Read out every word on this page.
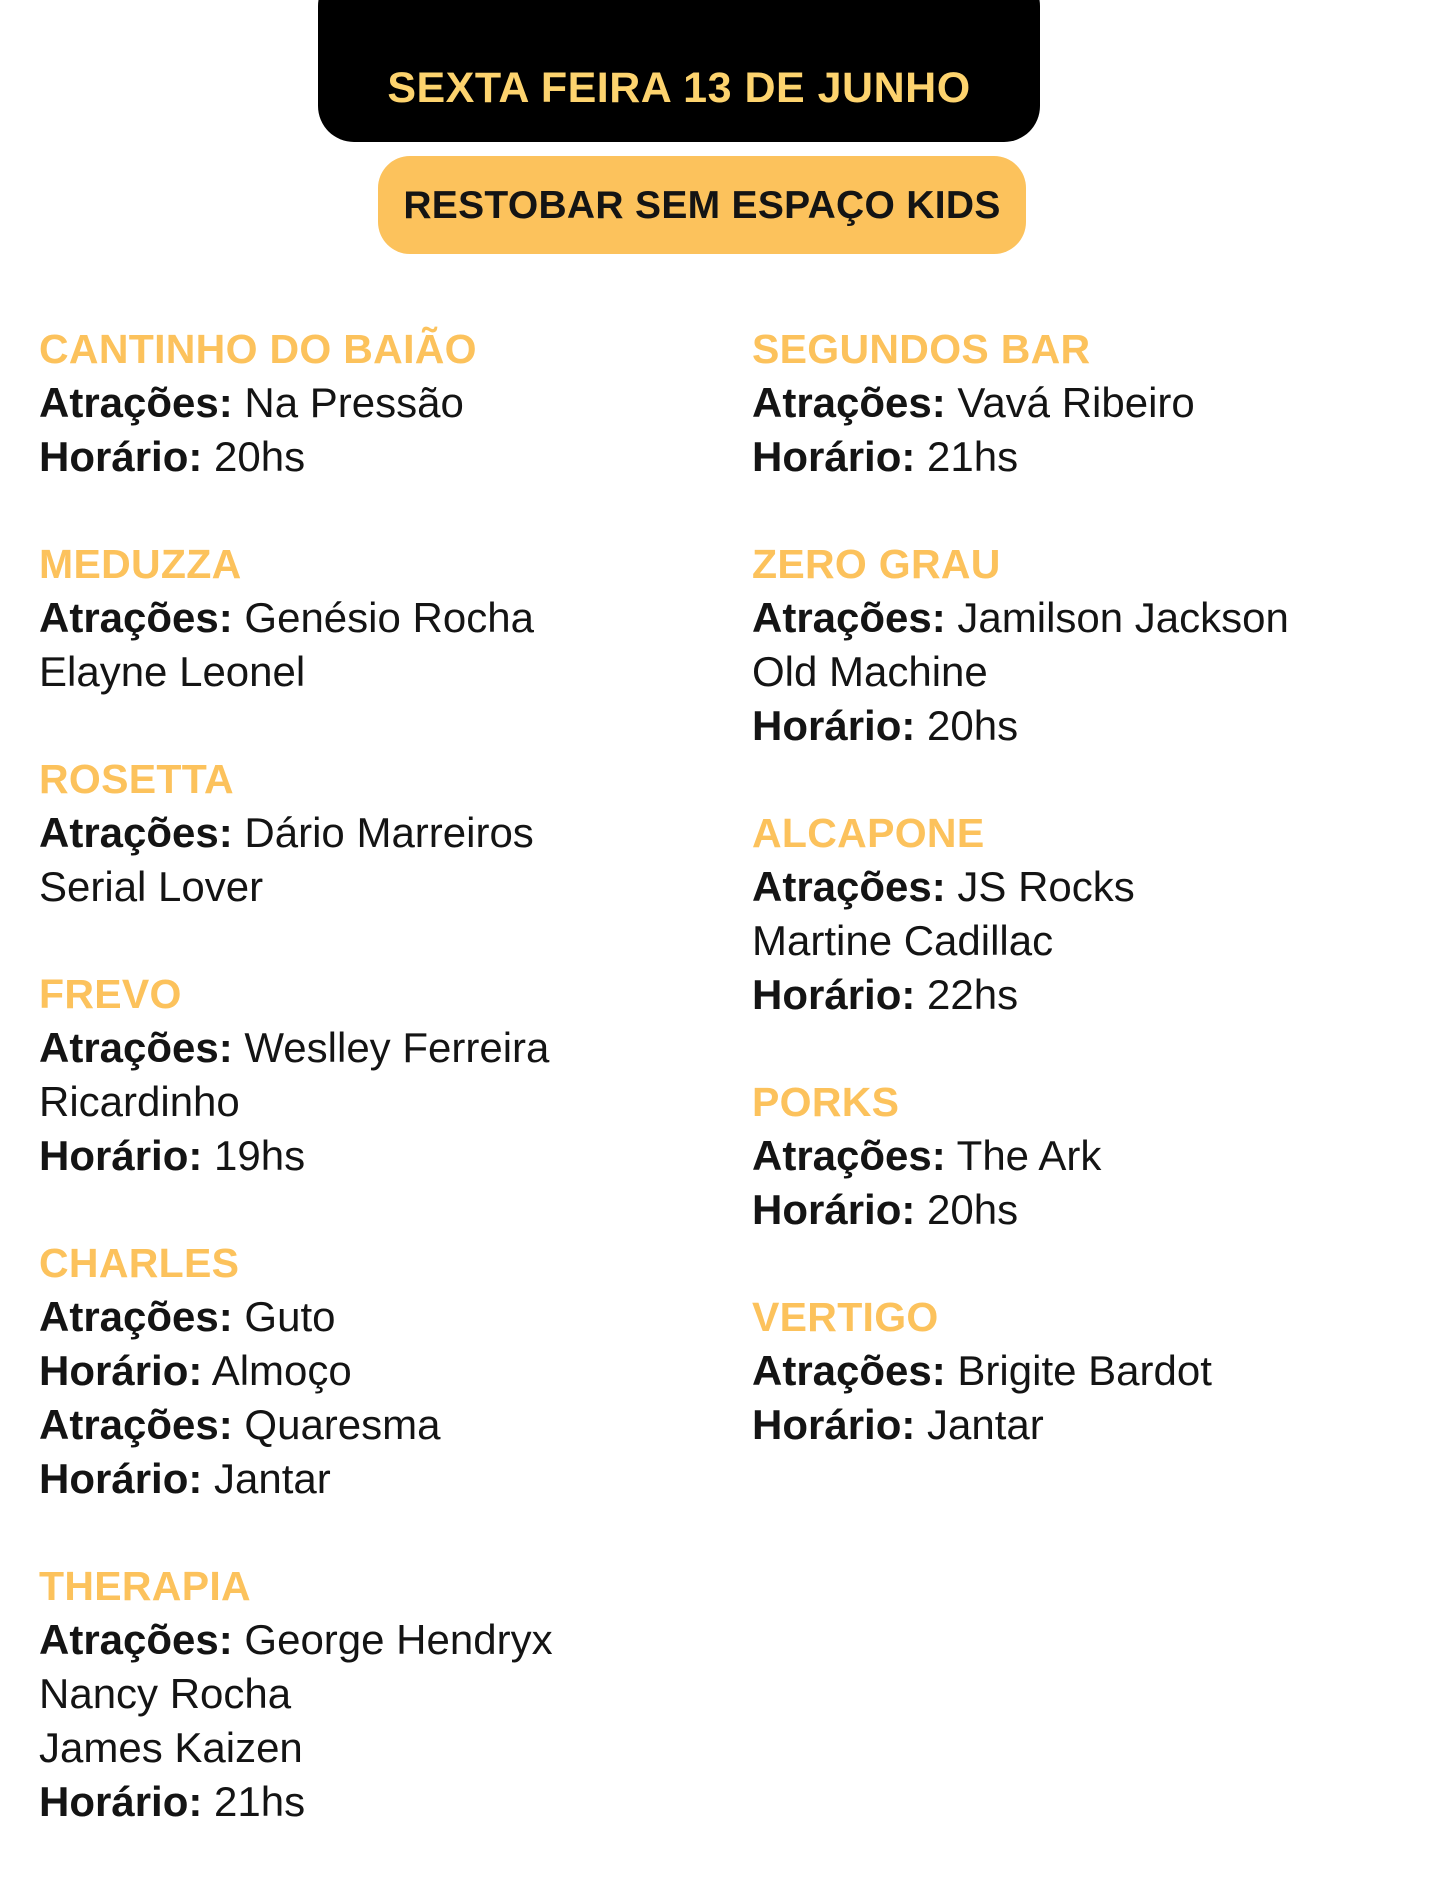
SEXTA FEIRA 13 DE JUNHO
RESTOBAR SEM ESPAÇO KIDS
CANTINHO DO BAIÃO
Atrações: Na Pressão
Horário: 20hs
MEDUZZA
Atrações: Genésio Rocha
Elayne Leonel
ROSETTA
Atrações: Dário Marreiros
Serial Lover
FREVO
Atrações: Weslley Ferreira
Ricardinho
Horário: 19hs
CHARLES
Atrações: Guto
Horário: Almoço
Atrações: Quaresma
Horário: Jantar
THERAPIA
Atrações: George Hendryx
Nancy Rocha
James Kaizen
Horário: 21hs
SEGUNDOS BAR
Atrações: Vavá Ribeiro
Horário: 21hs
ZERO GRAU
Atrações: Jamilson Jackson
Old Machine
Horário: 20hs
ALCAPONE
Atrações: JS Rocks
Martine Cadillac
Horário: 22hs
PORKS
Atrações: The Ark
Horário: 20hs
VERTIGO
Atrações: Brigite Bardot
Horário: Jantar
